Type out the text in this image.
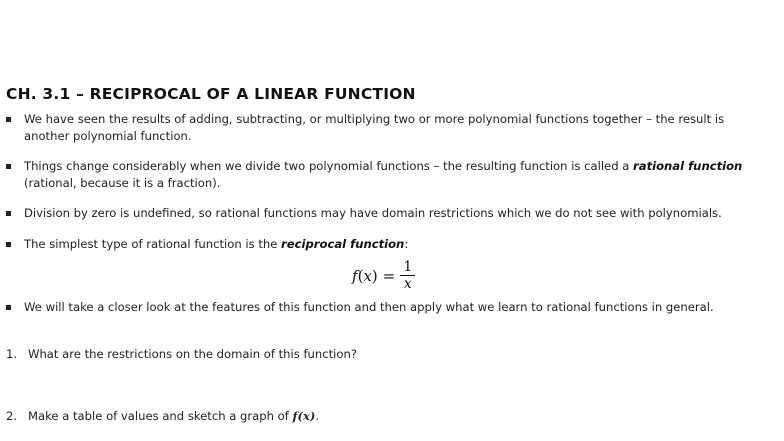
CH. 3.1 – RECIPROCAL OF A LINEAR FUNCTION
We have seen the results of adding, subtracting, or multiplying two or more polynomial functions together – the result is another polynomial function.
Things change considerably when we divide two polynomial functions – the resulting function is called a rational function (rational, because it is a fraction).
Division by zero is undefined, so rational functions may have domain restrictions which we do not see with polynomials.
The simplest type of rational function is the reciprocal function:
f ( x ) = $\frac{1}{x}$
We will take a closer look at the features of this function and then apply what we learn to rational functions in general.
1. What are the restrictions on the domain of this function?
2. Make a table of values and sketch a graph of f(x).
